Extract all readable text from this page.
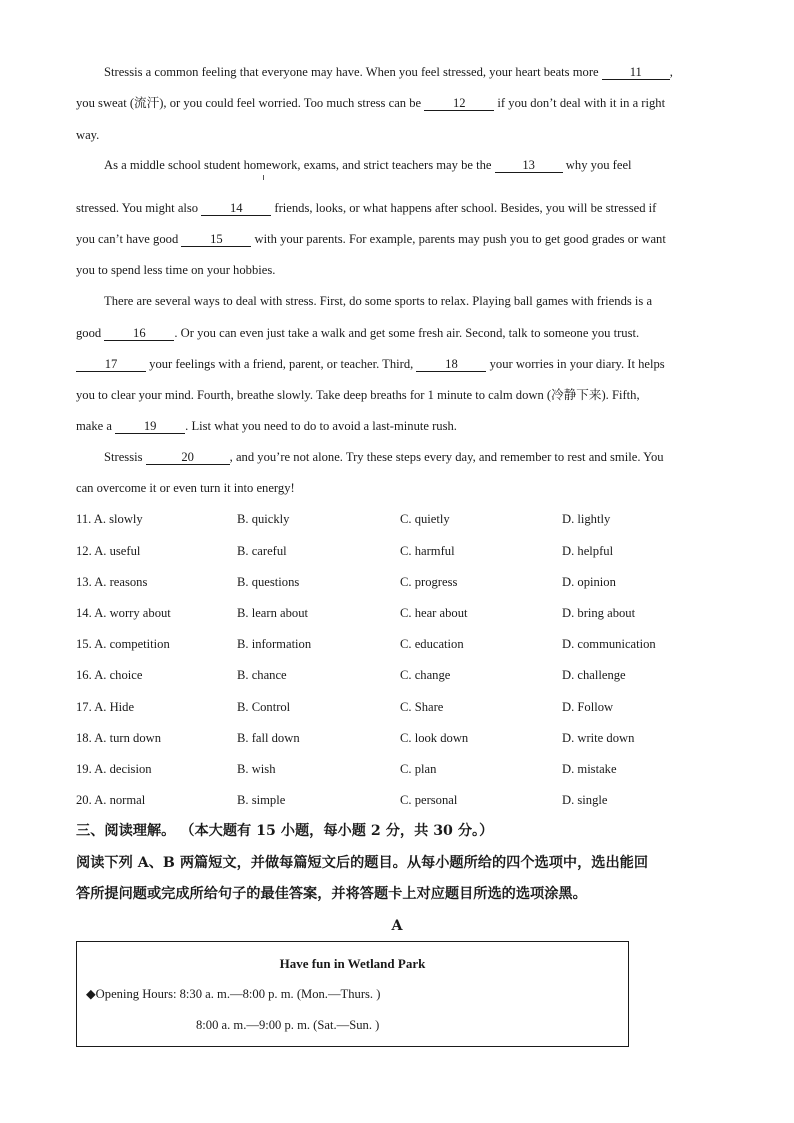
Stressis a common feeling that everyone may have. When you feel stressed, your heart beats more 11 ,
you sweat (流汗), or you could feel worried. Too much stress can be 12 if you don’t deal with it in a right
way.
As a middle school student homework, exams, and strict teachers may be the 13 why you feel
stressed. You might also 14 friends, looks, or what happens after school. Besides, you will be stressed if
you can’t have good 15 with your parents. For example, parents may push you to get good grades or want
you to spend less time on your hobbies.
There are several ways to deal with stress. First, do some sports to relax. Playing ball games with friends is a
good 16 . Or you can even just take a walk and get some fresh air. Second, talk to someone you trust.
17 your feelings with a friend, parent, or teacher. Third, 18 your worries in your diary. It helps
you to clear your mind. Fourth, breathe slowly. Take deep breaths for 1 minute to calm down (冷静下来). Fifth,
make a 19 . List what you need to do to avoid a last-minute rush.
Stressis	20	, and you’re not alone. Try these steps every day, and remember to rest and smile. You
can overcome it or even turn it into energy!
11. A. slowly	B. quickly	C. quietly	D. lightly
12. A. useful	B. careful	C. harmful	D. helpful
13. A. reasons	B. questions	C. progress	D. opinion
14. A. worry about	B. learn about	C. hear about	D. bring about
15. A. competition	B. information	C. education	D. communication
16. A. choice	B. chance	C. change	D. challenge
17. A. Hide	B. Control	C. Share	D. Follow
18. A. turn down	B. fall down	C. look down	D. write down
19. A. decision	B. wish	C. plan	D. mistake
20. A. normal	B. simple	C. personal	D. single
三、阅读理解。 （本大题有 15 小题，每小题 2 分，共 30 分。）
阅读下列 A、B 两篇短文，并做每篇短文后的题目。从每小题所给的四个选项中，选出能回
答所提问题或完成所给句子的最佳答案，并将答题卡上对应题目所选的选项涂黑。
A
Have fun in Wetland Park
◆Opening Hours: 8:30 a. m.—8:00 p. m. (Mon.—Thurs. )
8:00 a. m.—9:00 p. m. (Sat.—Sun. )
